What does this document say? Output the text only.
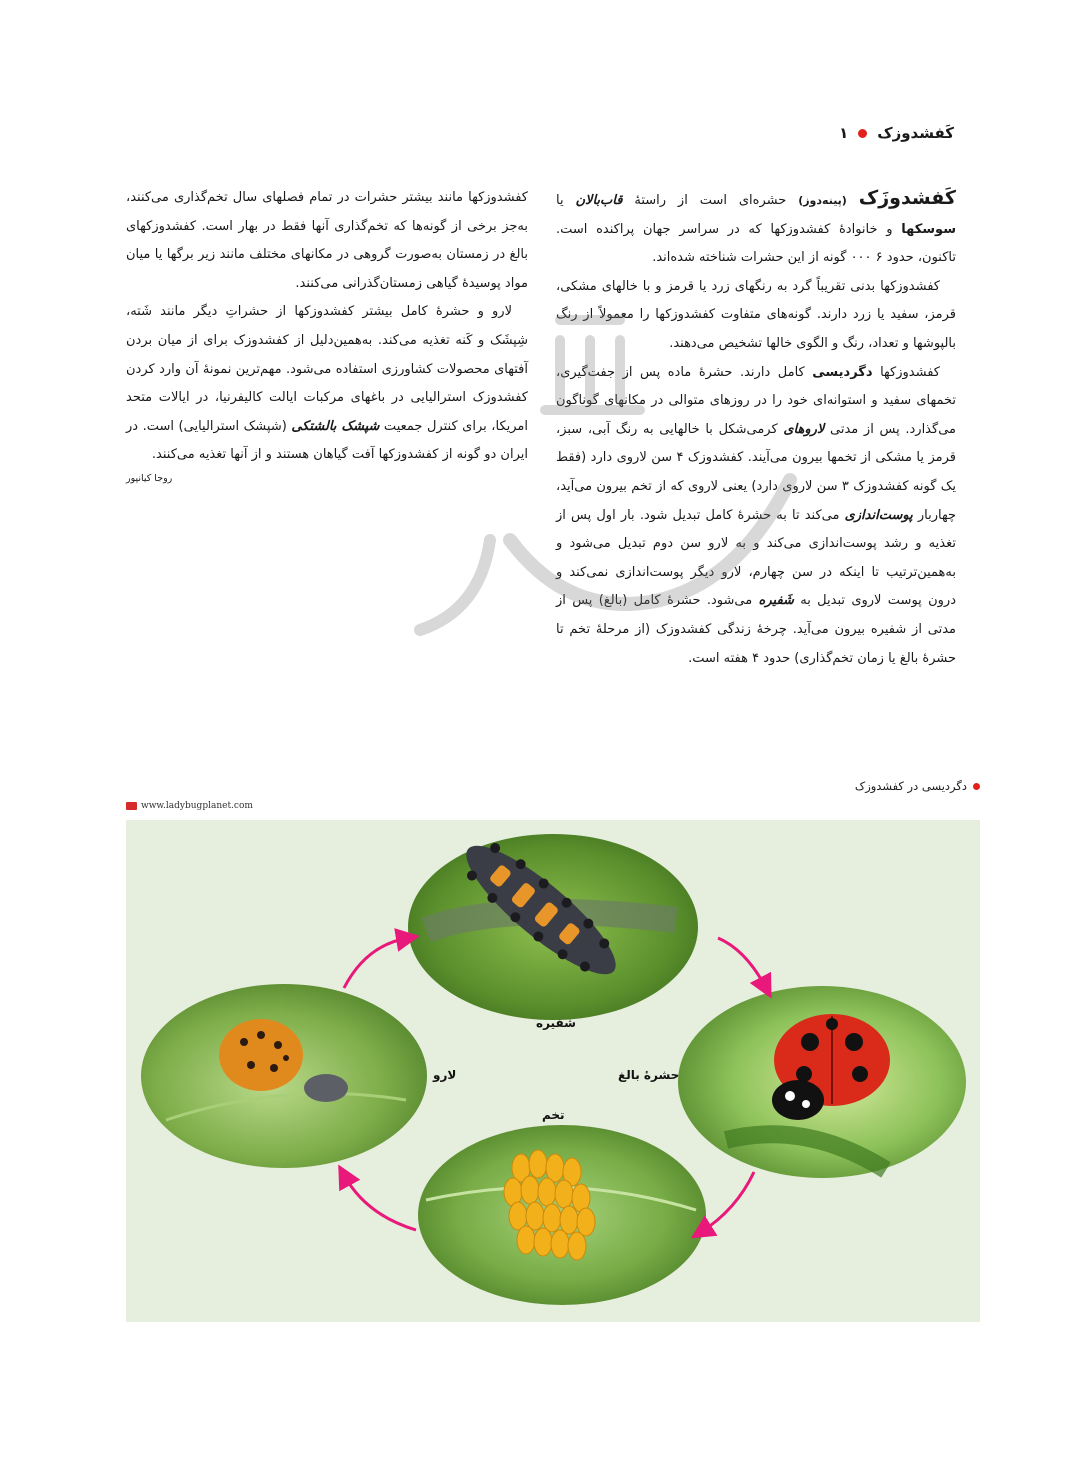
کَفشدوزک
۱

کَفشدوزَک (پینه‌دوز) حشره‌ای است از راستهٔ قاب‌بالان یا سوسکها و خانوادهٔ کفشدوزکها که در سراسر جهان پراکنده است. تاکنون، حدود ۶ ۰۰۰ گونه از این حشرات شناخته شده‌اند.

کفشدوزکها بدنی تقریباً گرد به رنگهای زرد یا قرمز و با خالهای مشکی، قرمز، سفید یا زرد دارند. گونه‌های متفاوت کفشدوزکها را معمولاً از رنگ بالپوشها و تعداد، رنگ و الگوی خالها تشخیص می‌دهند.

کفشدوزکها دگردیسی کامل دارند. حشرهٔ ماده پس از جفت‌گیری، تخمهای سفید و استوانه‌ای خود را در روزهای متوالی در مکانهای گوناگون می‌گذارد. پس از مدتی لاروهای کرمی‌شکل با خالهایی به رنگ آبی، سبز، قرمز یا مشکی از تخمها بیرون می‌آیند. کفشدوزک ۴ سن لاروی دارد (فقط یک گونه کفشدوزک ۳ سن لاروی دارد) یعنی لاروی که از تخم بیرون می‌آید، چهاربار پوست‌اندازی می‌کند تا به حشرهٔ کامل تبدیل شود. بار اول پس از تغذیه و رشد پوست‌اندازی می‌کند و به لارو سن دوم تبدیل می‌شود و به‌همین‌ترتیب تا اینکه در سن چهارم، لارو دیگر پوست‌اندازی نمی‌کند و درون پوست لاروی تبدیل به شَفیره می‌شود. حشرهٔ کامل (بالغ) پس از مدتی از شفیره بیرون می‌آید. چرخهٔ زندگی کفشدوزک (از مرحلهٔ تخم تا حشرهٔ بالغ یا زمان تخم‌گذاری) حدود ۴ هفته است.

کفشدوزکها مانند بیشتر حشرات در تمام فصلهای سال تخم‌گذاری می‌کنند، به‌جز برخی از گونه‌ها که تخم‌گذاری آنها فقط در بهار است. کفشدوزکهای بالغ در زمستان به‌صورت گروهی در مکانهای مختلف مانند زیر برگها یا میان مواد پوسیدهٔ گیاهی زمستان‌گذرانی می‌کنند.

لارو و حشرهٔ کامل بیشتر کفشدوزکها از حشراتِ دیگر مانند شَته، شِپشَک و کَنه تغذیه می‌کند. به‌همین‌دلیل از کفشدوزک برای از میان بردن آفتهای محصولات کشاورزی استفاده می‌شود. مهم‌ترین نمونهٔ آن وارد کردن کفشدوزک استرالیایی در باغهای مرکبات ایالت کالیفرنیا، در ایالات متحد امریکا، برای کنترل جمعیت شپشک بالشتکی (شپشک استرالیایی) است. در ایران دو گونه از کفشدوزکها آفت گیاهان هستند و از آنها تغذیه می‌کنند.

روجا کیانپور
دگردیسی در کفشدوزک
www.ladybugplanet.com
شفیره
لارو	حشرهٔ بالغ
تخم
